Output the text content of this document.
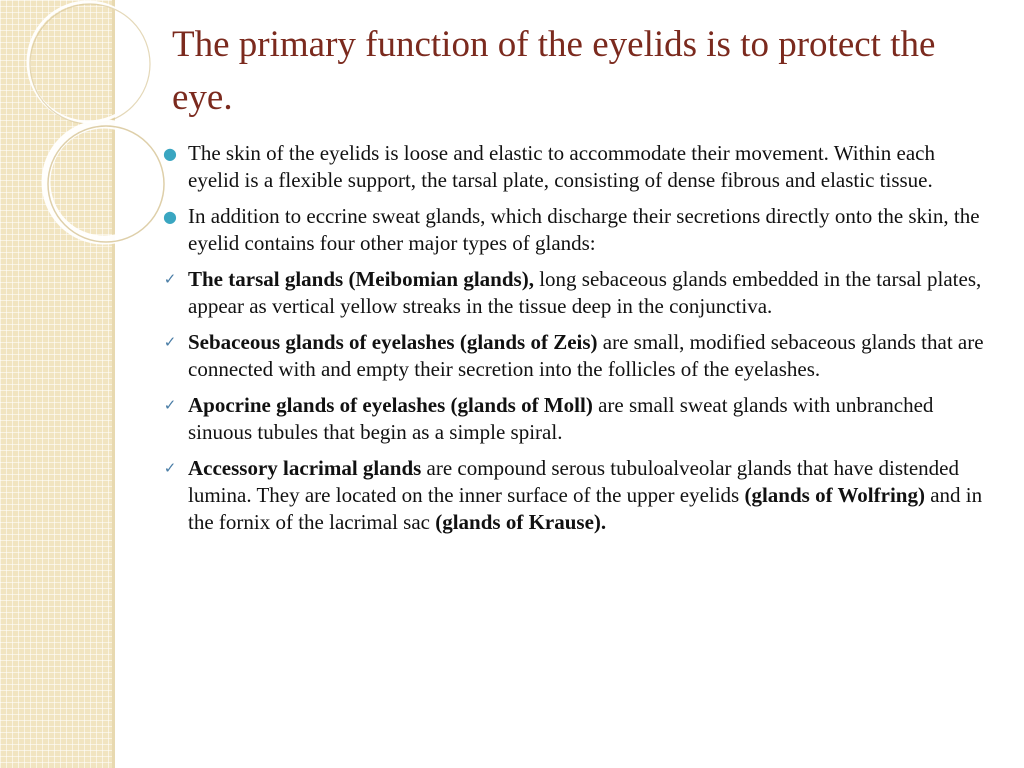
The primary function of the eyelids is to protect the eye.
● The skin of the eyelids is loose and elastic to accommodate their movement. Within each eyelid is a flexible support, the tarsal plate, consisting of dense fibrous and elastic tissue.
● In addition to eccrine sweat glands, which discharge their secretions directly onto the skin, the eyelid contains four other major types of glands:
✓ The tarsal glands (Meibomian glands), long sebaceous glands embedded in the tarsal plates, appear as vertical yellow streaks in the tissue deep in the conjunctiva.
✓ Sebaceous glands of eyelashes (glands of Zeis) are small, modified sebaceous glands that are connected with and empty their secretion into the follicles of the eyelashes.
✓ Apocrine glands of eyelashes (glands of Moll) are small sweat glands with unbranched sinuous tubules that begin as a simple spiral.
✓ Accessory lacrimal glands are compound serous tubuloalveolar glands that have distended lumina. They are located on the inner surface of the upper eyelids (glands of Wolfring) and in the fornix of the lacrimal sac (glands of Krause).
